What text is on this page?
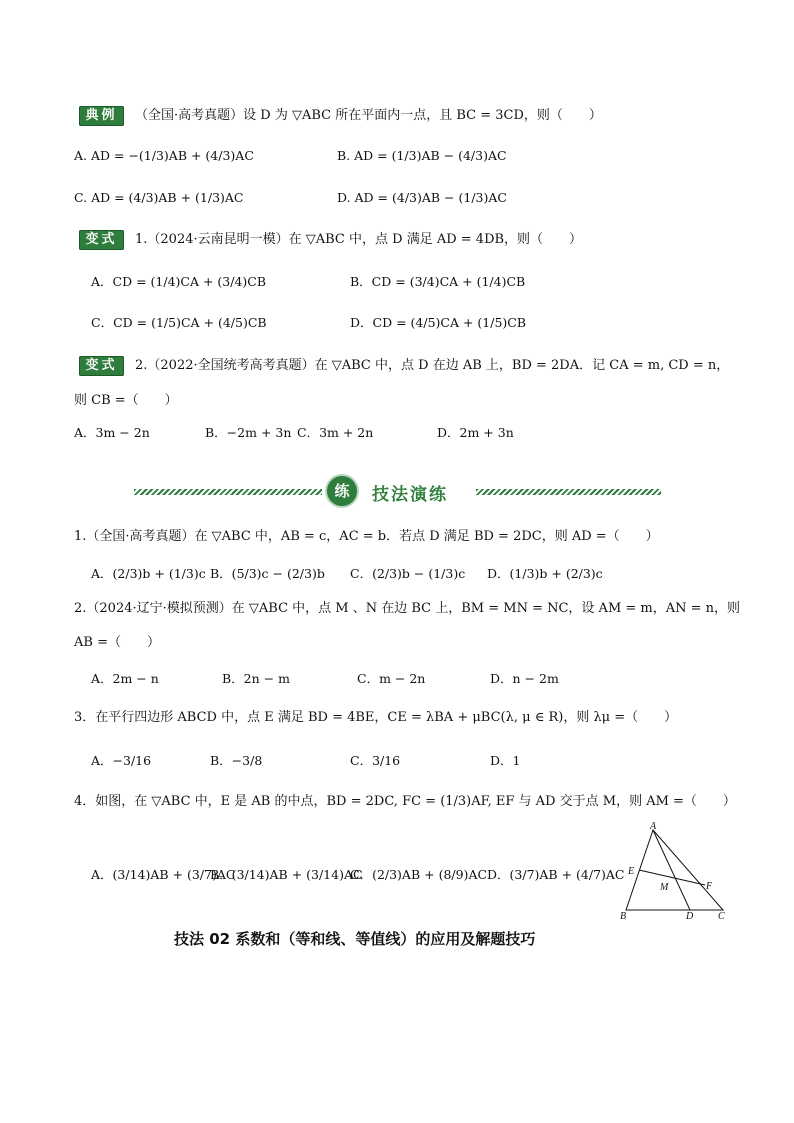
典例	（全国·高考真题）设 D 为 ▽ABC 所在平面内一点，且 BC = 3CD，则（　　）
A. AD = −(1/3)AB + (4/3)AC	B. AD = (1/3)AB − (4/3)AC
C. AD = (4/3)AB + (1/3)AC	D. AD = (4/3)AB − (1/3)AC
变式	1.（2024·云南昆明一模）在 ▽ABC 中，点 D 满足 AD = 4DB，则（　　）
A．CD = (1/4)CA + (3/4)CB	B．CD = (3/4)CA + (1/4)CB
C．CD = (1/5)CA + (4/5)CB	D．CD = (4/5)CA + (1/5)CB
变式	2.（2022·全国统考高考真题）在 ▽ABC 中，点 D 在边 AB 上，BD = 2DA．记 CA = m, CD = n，
则 CB =（　　）
A．3m − 2n	B．−2m + 3n C．3m + 2n	D．2m + 3n
练	技法演练
1.（全国·高考真题）在 ▽ABC 中，AB = c，AC = b．若点 D 满足 BD = 2DC，则 AD =（　　）
A．(2/3)b + (1/3)c B．(5/3)c − (2/3)b C．(2/3)b − (1/3)c D．(1/3)b + (2/3)c
2.（2024·辽宁·模拟预测）在 ▽ABC 中，点 M 、N 在边 BC 上，BM = MN = NC，设 AM = m，AN = n，则
AB =（　　）
A．2m − n	B．2n − m	C．m − 2n	D．n − 2m
3．在平行四边形 ABCD 中，点 E 满足 BD = 4BE，CE = λBA + μBC(λ, μ ∈ R)，则 λμ =（　　）
A．−3/16	B．−3/8	C．3/16	D．1
4．如图，在 ▽ABC 中，E 是 AB 的中点，BD = 2DC, FC = (1/3)AF, EF 与 AD 交于点 M，则 AM =（　　）
A．(3/14)AB + (3/7)AC
B．(3/14)AB + (3/14)AC
C．(2/3)AB + (8/9)AC D．(3/7)AB + (4/7)AC
A
B	C
D
E
F
M
技法 02 系数和（等和线、等值线）的应用及解题技巧
